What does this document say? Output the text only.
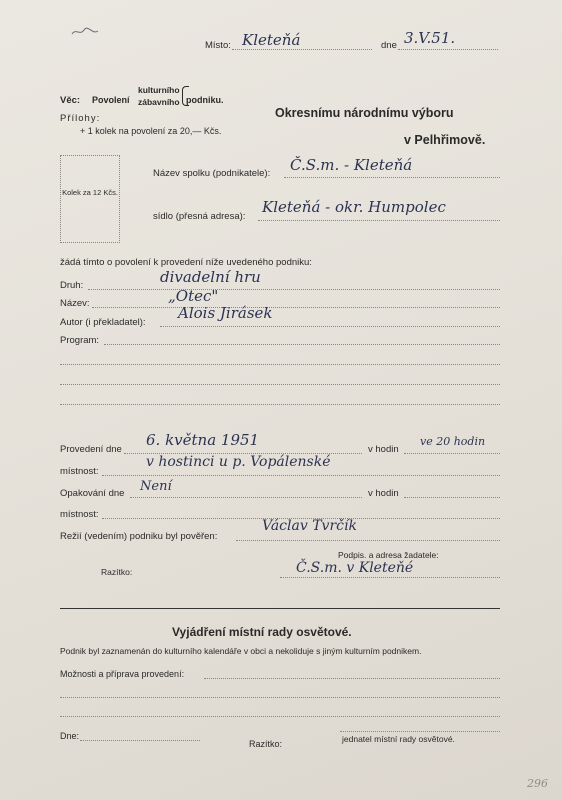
Místo: Kleteňá	dne 3.V.51.
Věc: Povolení
kulturního
zábavního podniku.
Přílohy:
+ 1 kolek na povolení za 20,— Kčs.
Okresnímu národnímu výboru
v Pelhřimově.
Kolek za 12 Kčs.
Název spolku (podnikatele): Č.S.m. - Kleteňá
sídlo (přesná adresa):
Kleteňá - okr. Humpolec
žádá tímto o povolení k provedení níže uvedeného podniku:
Druh:	divadelní hru
Název:	„Otec"
Autor (i překladatel):
Alois Jirásek
Program:
Provedení dne
6. května 1951
v hodin
ve 20 hodin
místnost:
v hostinci u p. Vopálenské
Opakování dne Není	v hodin
místnost:
Režií (vedením) podniku byl pověřen:
Václav Tvrčík
Podpis. a adresa žadatele:
Razítko:	Č.S.m. v Kleteňé
Vyjádření místní rady osvětové.
Podnik byl zaznamenán do kulturního kalendáře v obci a nekoliduje s jiným kulturním podnikem.
Možnosti a příprava provedení:
Dne:
Razítko:	jednatel místní rady osvětové.
296
